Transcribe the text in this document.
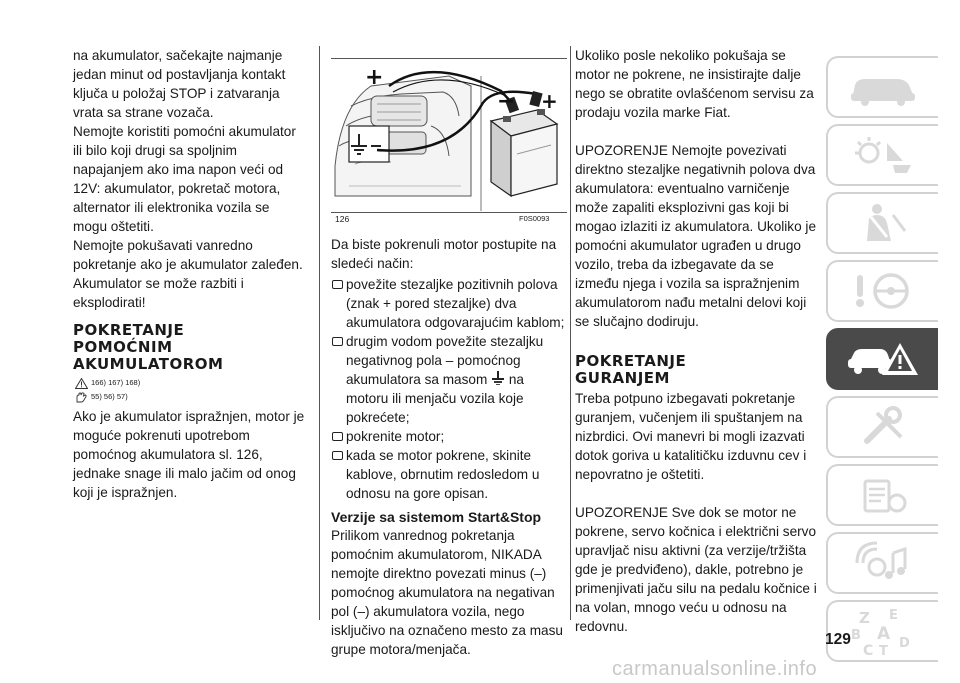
na akumulator, sačekajte najmanje jedan minut od postavljanja kontakt ključa u položaj STOP i zatvaranja vrata sa strane vozača.

Nemojte koristiti pomoćni akumulator ili bilo koji drugi sa spoljnim napajanjem ako ima napon veći od 12V: akumulator, pokretač motora, alternator ili elektronika vozila se mogu oštetiti.

Nemojte pokušavati vanredno pokretanje ako je akumulator zaleđen. Akumulator se može razbiti i eksplodirati!

POKRETANJE
POMOĆNIM
AKUMULATOROM
166) 167) 168)
55) 56) 57)

Ako je akumulator ispražnjen, motor je moguće pokrenuti upotrebom pomoćnog akumulatora sl. 126, jednake snage ili malo jačim od onog koji je ispražnjen.

+
− +
126	F0S0093

Da biste pokrenuli motor postupite na sledeći način:

povežite stezaljke pozitivnih polova (znak + pored stezaljke) dva akumulatora odgovarajućim kablom;
drugim vodom povežite stezaljku negativnog pola – pomoćnog akumulatora sa masom na motoru ili menjaču vozila koje pokrećete;
pokrenite motor;
kada se motor pokrene, skinite kablove, obrnutim redosledom u odnosu na gore opisan.
Verzije sa sistemom Start&Stop

Prilikom vanrednog pokretanja pomoćnim akumulatorom, NIKADA nemojte direktno povezati minus (–) pomoćnog akumulatora na negativan pol (–) akumulatora vozila, nego isključivo na označeno mesto za masu grupe motora/menjača.

Ukoliko posle nekoliko pokušaja se motor ne pokrene, ne insistirajte dalje nego se obratite ovlašćenom servisu za prodaju vozila marke Fiat.

UPOZORENJE Nemojte povezivati direktno stezaljke negativnih polova dva akumulatora: eventualno varničenje može zapaliti eksplozivni gas koji bi mogao izlaziti iz akumulatora. Ukoliko je pomoćni akumulator ugrađen u drugo vozilo, treba da izbegavate da se između njega i vozila sa ispražnjenim akumulatorom nađu metalni delovi koji se slučajno dodiruju.

POKRETANJE
GURANJEM

Treba potpuno izbegavati pokretanje guranjem, vučenjem ili spuštanjem na nizbrdici. Ovi manevri bi mogli izazvati dotok goriva u katalitičku izduvnu cev i nepovratno je oštetiti.

UPOZORENJE Sve dok se motor ne pokrene, servo kočnica i električni servo upravljač nisu aktivni (za verzije/tržišta gde je predviđeno), dakle, potrebno je primenjivati jaču silu na pedalu kočnice i na volan, mnogo veću u odnosu na redovnu.	Z E
B A
C T
D
129
carmanualsonline.info
